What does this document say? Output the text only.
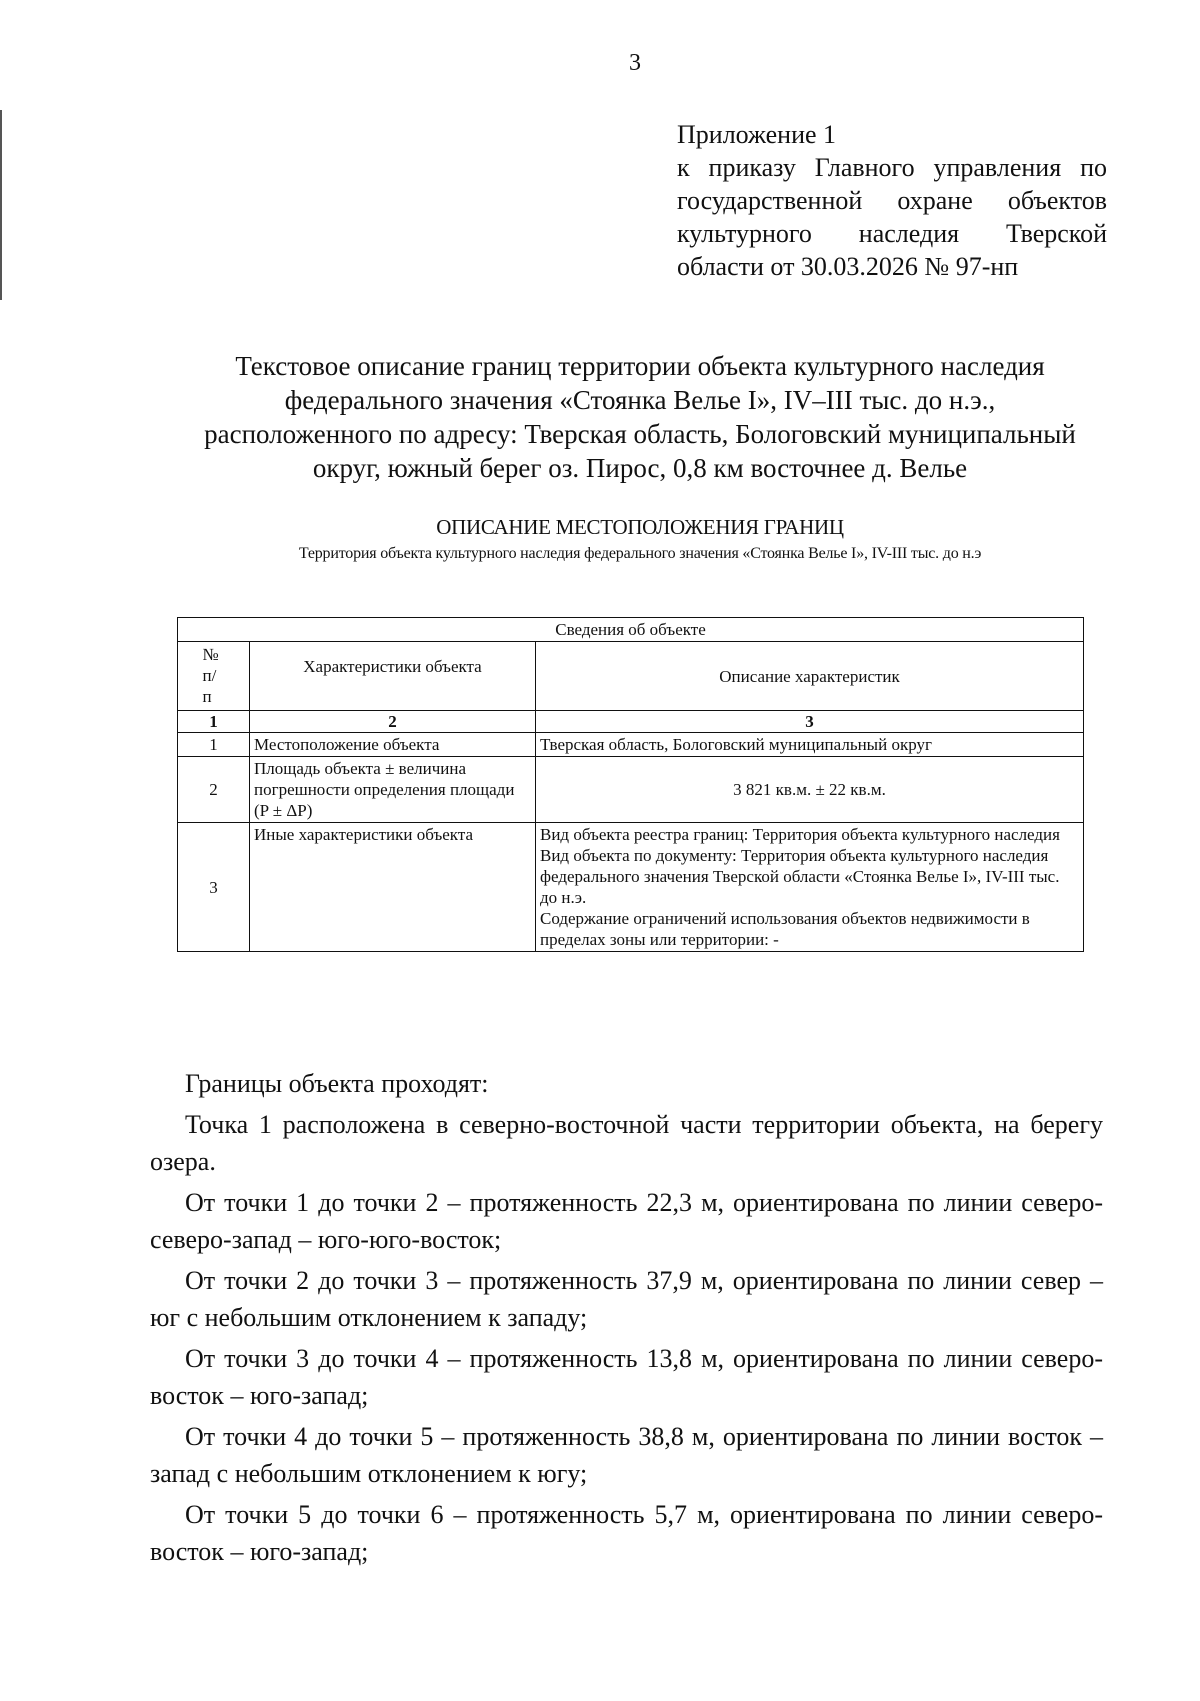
3
Приложение 1
к приказу Главного управления по
государственной охране объектов
культурного наследия Тверской
области от 30.03.2026 № 97-нп
Текстовое описание границ территории объекта культурного наследия
федерального значения «Стоянка Велье I», IV–III тыс. до н.э.,
расположенного по адресу: Тверская область, Бологовский муниципальный
округ, южный берег оз. Пирос, 0,8 км восточнее д. Велье
ОПИСАНИЕ МЕСТОПОЛОЖЕНИЯ ГРАНИЦ
Территория объекта культурного наследия федерального значения «Стоянка Велье I», IV-III тыс. до н.э
Сведения об объекте		

№ п/ п	Характеристики объекта	Описание характеристик
1	2	3
1	Местоположение объекта	Тверская область, Бологовский муниципальный округ
2	Площадь объекта ± величина погрешности определения площади (P ± ΔP)	3 821 кв.м. ± 22 кв.м.
3	Иные характеристики объекта	Вид объекта реестра границ: Территория объекта культурного наследия
Вид объекта по документу: Территория объекта культурного наследия федерального значения Тверской области «Стоянка Велье I», IV-III тыс. до н.э.
Содержание ограничений использования объектов недвижимости в пределах зоны или территории: -

Границы объекта проходят:

Точка 1 расположена в северно-восточной части территории объекта, на берегу озера.

От точки 1 до точки 2 – протяженность 22,3 м, ориентирована по линии северо-северо-запад – юго-юго-восток;

От точки 2 до точки 3 – протяженность 37,9 м, ориентирована по линии север – юг с небольшим отклонением к западу;

От точки 3 до точки 4 – протяженность 13,8 м, ориентирована по линии северо-восток – юго-запад;

От точки 4 до точки 5 – протяженность 38,8 м, ориентирована по линии восток –запад с небольшим отклонением к югу;

От точки 5 до точки 6 – протяженность 5,7 м, ориентирована по линии северо-восток – юго-запад;
